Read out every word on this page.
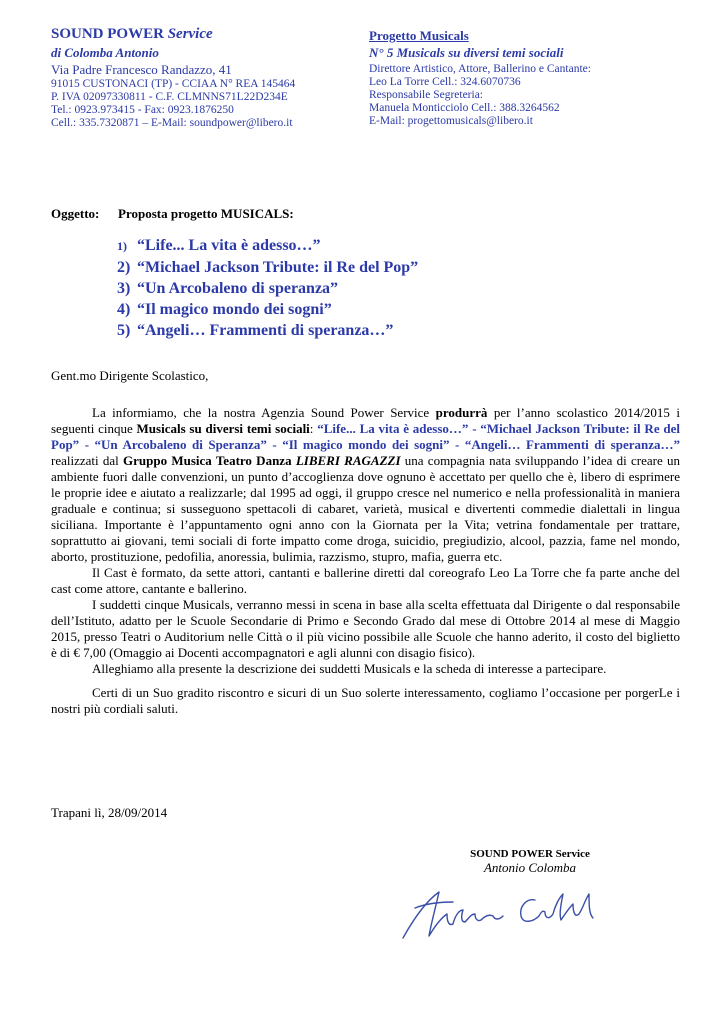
SOUND POWER Service
di Colomba Antonio
Via Padre Francesco Randazzo, 41
91015 CUSTONACI (TP) - CCIAA N° REA 145464
P. IVA 02097330811 - C.F. CLMNNS71L22D234E
Tel.: 0923.973415 - Fax: 0923.1876250
Cell.: 335.7320871 – E-Mail: soundpower@libero.it
Progetto Musicals
N° 5 Musicals su diversi temi sociali
Direttore Artistico, Attore, Ballerino e Cantante:
Leo La Torre Cell.: 324.6070736
Responsabile Segreteria:
Manuela Monticciolo Cell.: 388.3264562
E-Mail: progettomusicals@libero.it
Oggetto: Proposta progetto MUSICALS:
1) “Life... La vita è adesso…”
2) “Michael Jackson Tribute: il Re del Pop”
3) “Un Arcobaleno di speranza”
4) “Il magico mondo dei sogni”
5) “Angeli… Frammenti di speranza…”
Gent.mo Dirigente Scolastico,

La informiamo, che la nostra Agenzia Sound Power Service produrrà per l’anno scolastico 2014/2015 i seguenti cinque Musicals su diversi temi sociali: “Life... La vita è adesso…” - “Michael Jackson Tribute: il Re del Pop” - “Un Arcobaleno di Speranza” - “Il magico mondo dei sogni” - “Angeli… Frammenti di speranza…” realizzati dal Gruppo Musica Teatro Danza LIBERI RAGAZZI una compagnia nata sviluppando l’idea di creare un ambiente fuori dalle convenzioni, un punto d’accoglienza dove ognuno è accettato per quello che è, libero di esprimere le proprie idee e aiutato a realizzarle; dal 1995 ad oggi, il gruppo cresce nel numerico e nella professionalità in maniera graduale e continua; si susseguono spettacoli di cabaret, varietà, musical e divertenti commedie dialettali in lingua siciliana. Importante è l’appuntamento ogni anno con la Giornata per la Vita; vetrina fondamentale per trattare, soprattutto ai giovani, temi sociali di forte impatto come droga, suicidio, pregiudizio, alcool, pazzia, fame nel mondo, aborto, prostituzione, pedofilia, anoressia, bulimia, razzismo, stupro, mafia, guerra etc.

Il Cast è formato, da sette attori, cantanti e ballerine diretti dal coreografo Leo La Torre che fa parte anche del cast come attore, cantante e ballerino.

I suddetti cinque Musicals, verranno messi in scena in base alla scelta effettuata dal Dirigente o dal responsabile dell’Istituto, adatto per le Scuole Secondarie di Primo e Secondo Grado dal mese di Ottobre 2014 al mese di Maggio 2015, presso Teatri o Auditorium nelle Città o il più vicino possibile alle Scuole che hanno aderito, il costo del biglietto è di € 7,00 (Omaggio ai Docenti accompagnatori e agli alunni con disagio fisico).

Alleghiamo alla presente la descrizione dei suddetti Musicals e la scheda di interesse a partecipare.

Certi di un Suo gradito riscontro e sicuri di un Suo solerte interessamento, cogliamo l’occasione per porgerLe i nostri più cordiali saluti.

Trapani lì, 28/09/2014
SOUND POWER Service
Antonio Colomba
